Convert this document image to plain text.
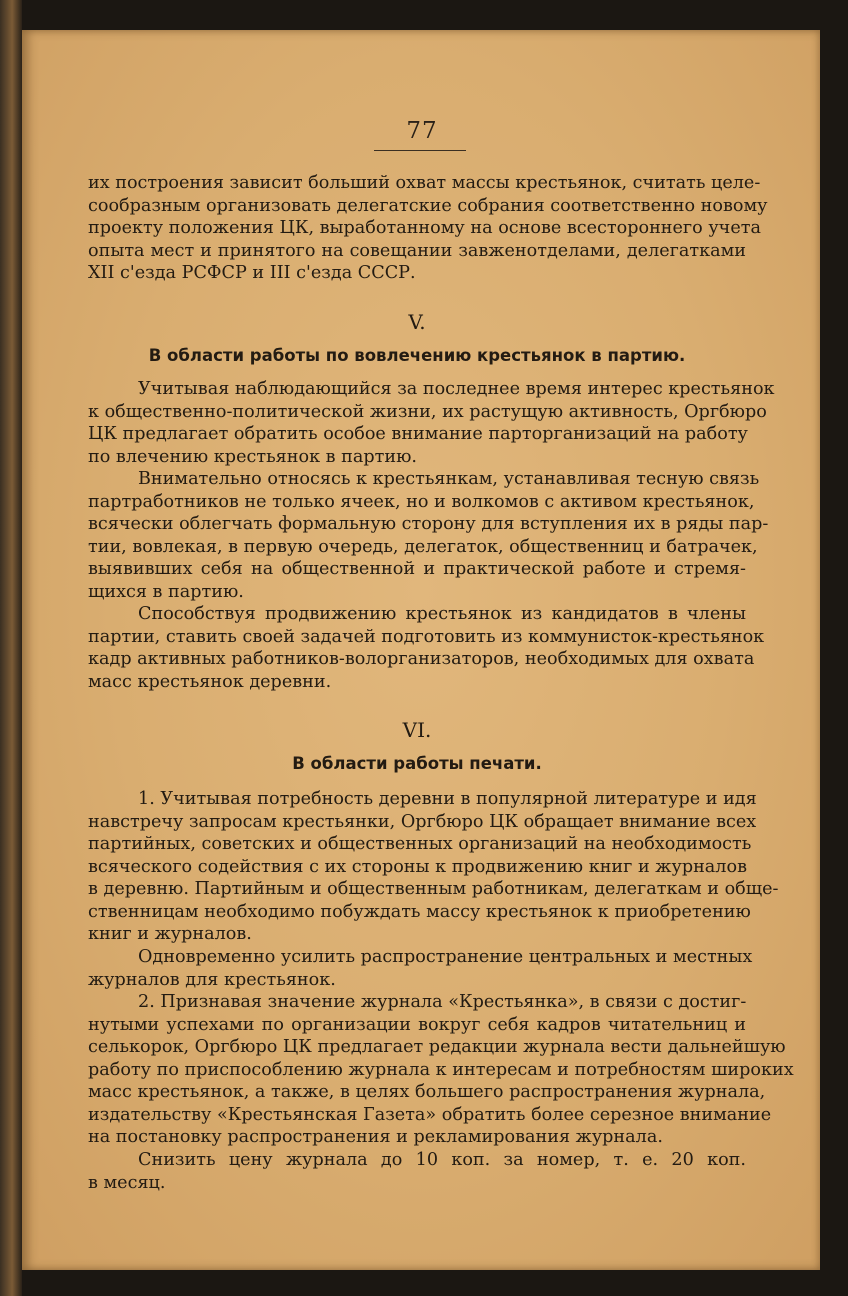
77
их построения зависит больший охват массы крестьянок, считать целе-
сообразным организовать делегатские собрания соответственно новому
проекту положения ЦК, выработанному на основе всестороннего учета
опыта мест и принятого на совещании завженотделами, делегатками
XII с'езда РСФСР и III с'езда СССР.
V.
В области работы по вовлечению крестьянок в партию.
Учитывая наблюдающийся за последнее время интерес крестьянок
к общественно-политической жизни, их растущую активность, Оргбюро
ЦК предлагает обратить особое внимание парторганизаций на работу
по влечению крестьянок в партию.
Внимательно относясь к крестьянкам, устанавливая тесную связь
партработников не только ячеек, но и волкомов с активом крестьянок,
всячески облегчать формальную сторону для вступления их в ряды пар-
тии, вовлекая, в первую очередь, делегаток, общественниц и батрачек,
выявивших себя на общественной и практической работе и стремя-
щихся в партию.
Способствуя продвижению крестьянок из кандидатов в члены
партии, ставить своей задачей подготовить из коммунисток-крестьянок
кадр активных работников-волорганизаторов, необходимых для охвата
масс крестьянок деревни.
VI.
В области работы печати.
1. Учитывая потребность деревни в популярной литературе и идя
навстречу запросам крестьянки, Оргбюро ЦК обращает внимание всех
партийных, советских и общественных организаций на необходимость
всяческого содействия с их стороны к продвижению книг и журналов
в деревню. Партийным и общественным работникам, делегаткам и обще-
ственницам необходимо побуждать массу крестьянок к приобретению
книг и журналов.
Одновременно усилить распространение центральных и местных
журналов для крестьянок.
2. Признавая значение журнала «Крестьянка», в связи с достиг-
нутыми успехами по организации вокруг себя кадров читательниц и
селькорок, Оргбюро ЦК предлагает редакции журнала вести дальнейшую
работу по приспособлению журнала к интересам и потребностям широких
масс крестьянок, а также, в целях большего распространения журнала,
издательству «Крестьянская Газета» обратить более серезное внимание
на постановку распространения и рекламирования журнала.
Снизить цену журнала до 10 коп. за номер, т. е. 20 коп.
в месяц.
